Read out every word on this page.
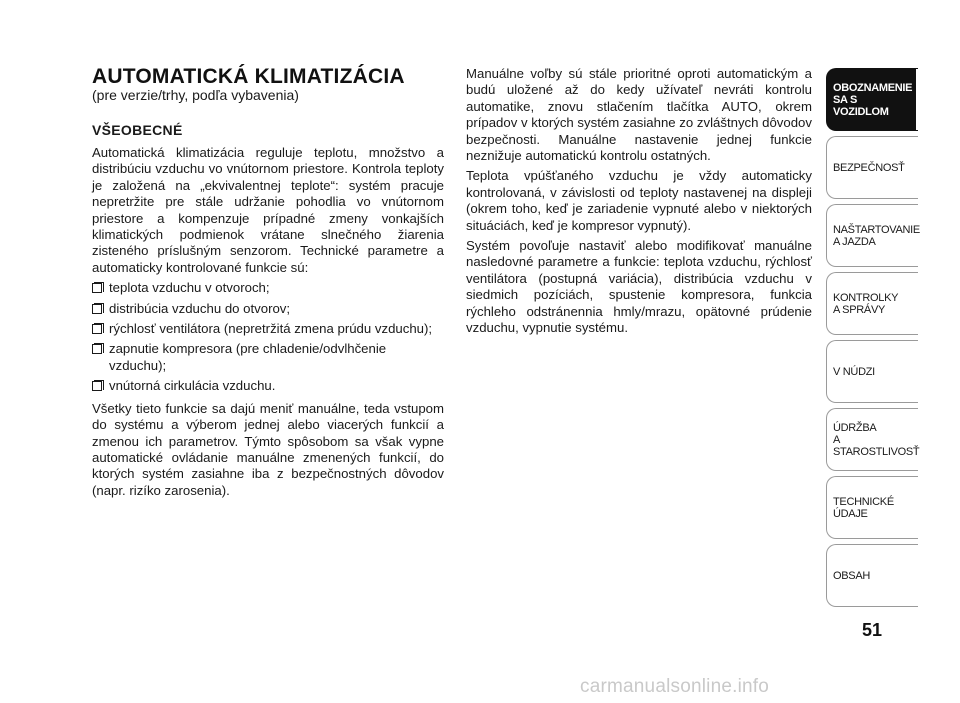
AUTOMATICKÁ KLIMATIZÁCIA
(pre verzie/trhy, podľa vybavenia)
VŠEOBECNÉ

Automatická klimatizácia reguluje teplotu, množstvo a distribúciu vzduchu vo vnútornom priestore. Kontrola teploty je založená na „ekvivalentnej teplote“: systém pracuje nepretržite pre stále udržanie pohodlia vo vnútornom priestore a kompenzuje prípadné zmeny vonkajších klimatických podmienok vrátane slnečného žiarenia zisteného príslušným senzorom. Technické parametre a automaticky kontrolované funkcie sú:

teplota vzduchu v otvoroch;
distribúcia vzduchu do otvorov;
rýchlosť ventilátora (nepretržitá zmena prúdu vzduchu);
zapnutie kompresora (pre chladenie/odvlhčenie vzduchu);
vnútorná cirkulácia vzduchu.

Všetky tieto funkcie sa dajú meniť manuálne, teda vstupom do systému a výberom jednej alebo viacerých funkcií a zmenou ich parametrov. Týmto spôsobom sa však vypne automatické ovládanie manuálne zmenených funkcií, do ktorých systém zasiahne iba z bezpečnostných dôvodov (napr. rizíko zarosenia).

Manuálne voľby sú stále prioritné oproti automatickým a budú uložené až do kedy užívateľ nevráti kontrolu automatike, znovu stlačením tlačítka AUTO, okrem prípadov v ktorých systém zasiahne zo zvláštnych dôvodov bezpečnosti. Manuálne nastavenie jednej funkcie neznižuje automatickú kontrolu ostatných.

Teplota vpúšťaného vzduchu je vždy automaticky kontrolovaná, v závislosti od teploty nastavenej na displeji (okrem toho, keď je zariadenie vypnuté alebo v niektorých situáciách, keď je kompresor vypnutý).

Systém povoľuje nastaviť alebo modifikovať manuálne nasledovné parametre a funkcie: teplota vzduchu, rýchlosť ventilátora (postupná variácia), distribúcia vzduchu v siedmich pozíciách, spustenie kompresora, funkcia rýchleho odstránennia hmly/mrazu, opätovné prúdenie vzduchu, vypnutie systému.

OBOZNAMENIE
SA S VOZIDLOM
BEZPEČNOSŤ
NAŠTARTOVANIE
A JAZDA
KONTROLKY
A SPRÁVY
V NÚDZI
ÚDRŽBA
A STAROSTLIVOSŤ
TECHNICKÉ
ÚDAJE
OBSAH
51
carmanualsonline.info
